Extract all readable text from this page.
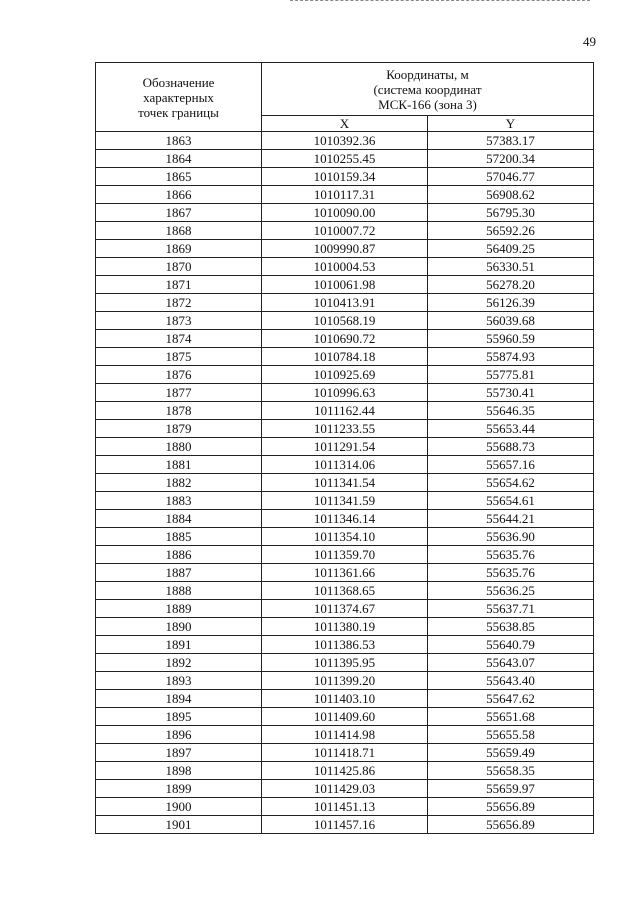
49
Обозначение
характерных
точек границы	Координаты, м
(система координат
МСК-166 (зона 3)	

	X	Y
1863	1010392.36	57383.17
1864	1010255.45	57200.34
1865	1010159.34	57046.77
1866	1010117.31	56908.62
1867	1010090.00	56795.30
1868	1010007.72	56592.26
1869	1009990.87	56409.25
1870	1010004.53	56330.51
1871	1010061.98	56278.20
1872	1010413.91	56126.39
1873	1010568.19	56039.68
1874	1010690.72	55960.59
1875	1010784.18	55874.93
1876	1010925.69	55775.81
1877	1010996.63	55730.41
1878	1011162.44	55646.35
1879	1011233.55	55653.44
1880	1011291.54	55688.73
1881	1011314.06	55657.16
1882	1011341.54	55654.62
1883	1011341.59	55654.61
1884	1011346.14	55644.21
1885	1011354.10	55636.90
1886	1011359.70	55635.76
1887	1011361.66	55635.76
1888	1011368.65	55636.25
1889	1011374.67	55637.71
1890	1011380.19	55638.85
1891	1011386.53	55640.79
1892	1011395.95	55643.07
1893	1011399.20	55643.40
1894	1011403.10	55647.62
1895	1011409.60	55651.68
1896	1011414.98	55655.58
1897	1011418.71	55659.49
1898	1011425.86	55658.35
1899	1011429.03	55659.97
1900	1011451.13	55656.89
1901	1011457.16	55656.89
